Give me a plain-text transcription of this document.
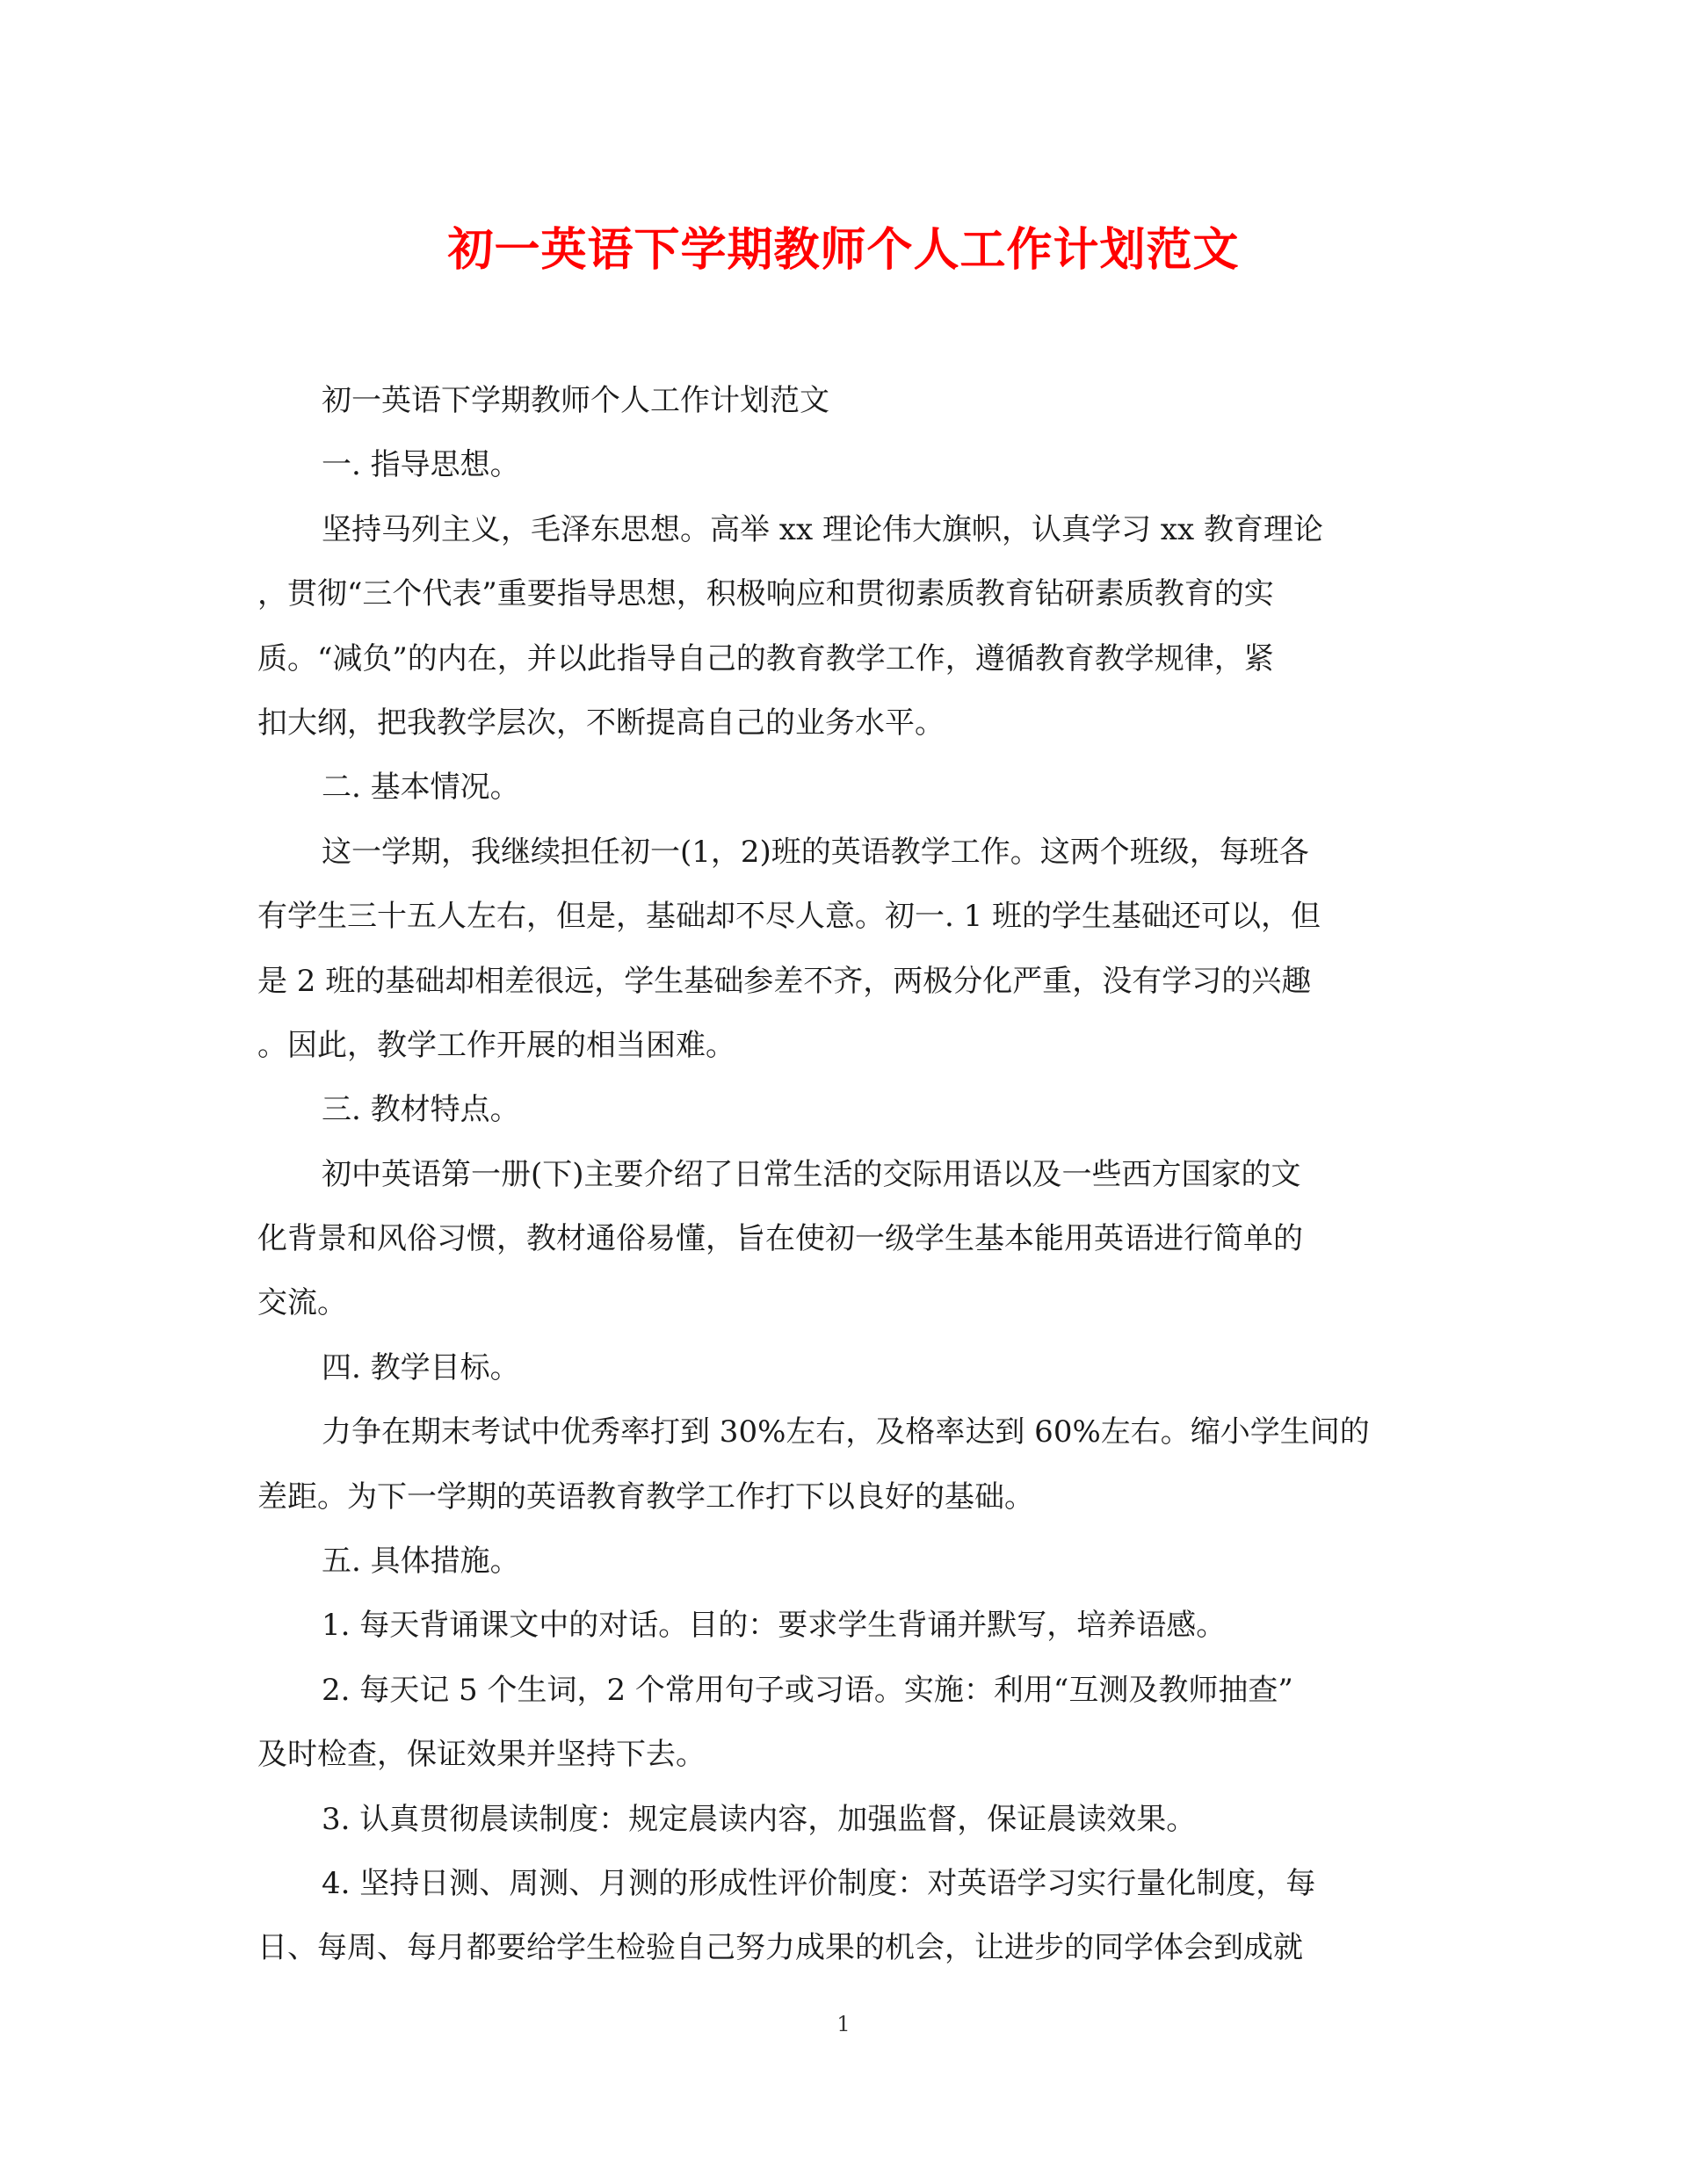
初一英语下学期教师个人工作计划范文
初一英语下学期教师个人工作计划范文
一. 指导思想。
坚持马列主义，毛泽东思想。高举 xx 理论伟大旗帜，认真学习 xx 教育理论
，贯彻“三个代表”重要指导思想，积极响应和贯彻素质教育钻研素质教育的实
质。“减负”的内在，并以此指导自己的教育教学工作，遵循教育教学规律，紧
扣大纲，把我教学层次，不断提高自己的业务水平。
二. 基本情况。
这一学期，我继续担任初一(1，2)班的英语教学工作。这两个班级，每班各
有学生三十五人左右，但是，基础却不尽人意。初一. 1 班的学生基础还可以，但
是 2 班的基础却相差很远，学生基础参差不齐，两极分化严重，没有学习的兴趣
。因此，教学工作开展的相当困难。
三. 教材特点。
初中英语第一册(下)主要介绍了日常生活的交际用语以及一些西方国家的文
化背景和风俗习惯，教材通俗易懂，旨在使初一级学生基本能用英语进行简单的
交流。
四. 教学目标。
力争在期末考试中优秀率打到 30%左右，及格率达到 60%左右。缩小学生间的
差距。为下一学期的英语教育教学工作打下以良好的基础。
五. 具体措施。
1. 每天背诵课文中的对话。目的：要求学生背诵并默写，培养语感。
2. 每天记 5 个生词，2 个常用句子或习语。实施：利用“互测及教师抽查”
及时检查，保证效果并坚持下去。
3. 认真贯彻晨读制度：规定晨读内容，加强监督，保证晨读效果。
4. 坚持日测、周测、月测的形成性评价制度：对英语学习实行量化制度，每
日、每周、每月都要给学生检验自己努力成果的机会，让进步的同学体会到成就
1
